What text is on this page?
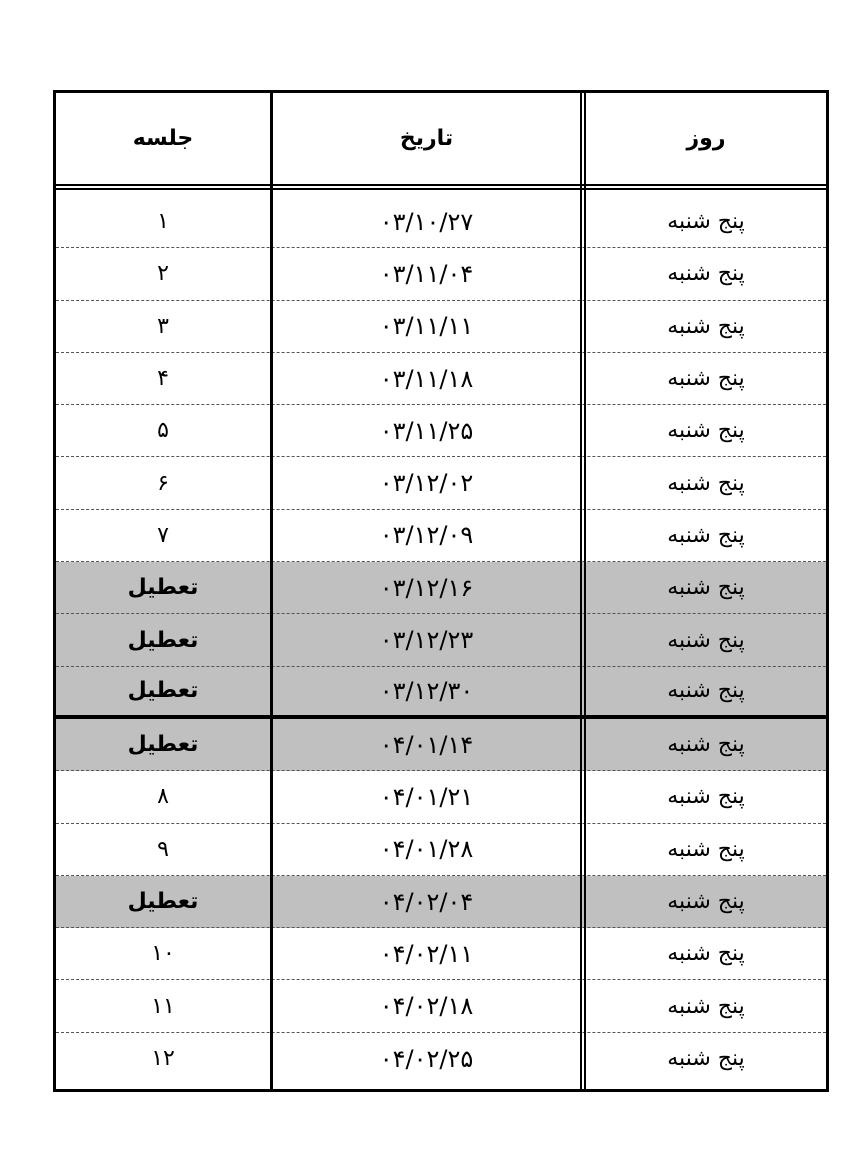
جلسه	تاریخ	روز
۱	۰۳/۱۰/۲۷	پنج شنبه
۲	۰۳/۱۱/۰۴	پنج شنبه
۳	۰۳/۱۱/۱۱	پنج شنبه
۴	۰۳/۱۱/۱۸	پنج شنبه
۵	۰۳/۱۱/۲۵	پنج شنبه
۶	۰۳/۱۲/۰۲	پنج شنبه
۷	۰۳/۱۲/۰۹	پنج شنبه
تعطیل	۰۳/۱۲/۱۶	پنج شنبه
تعطیل	۰۳/۱۲/۲۳	پنج شنبه
تعطیل	۰۳/۱۲/۳۰	پنج شنبه
تعطیل	۰۴/۰۱/۱۴	پنج شنبه
۸	۰۴/۰۱/۲۱	پنج شنبه
۹	۰۴/۰۱/۲۸	پنج شنبه
تعطیل	۰۴/۰۲/۰۴	پنج شنبه
۱۰	۰۴/۰۲/۱۱	پنج شنبه
۱۱	۰۴/۰۲/۱۸	پنج شنبه
۱۲	۰۴/۰۲/۲۵	پنج شنبه
